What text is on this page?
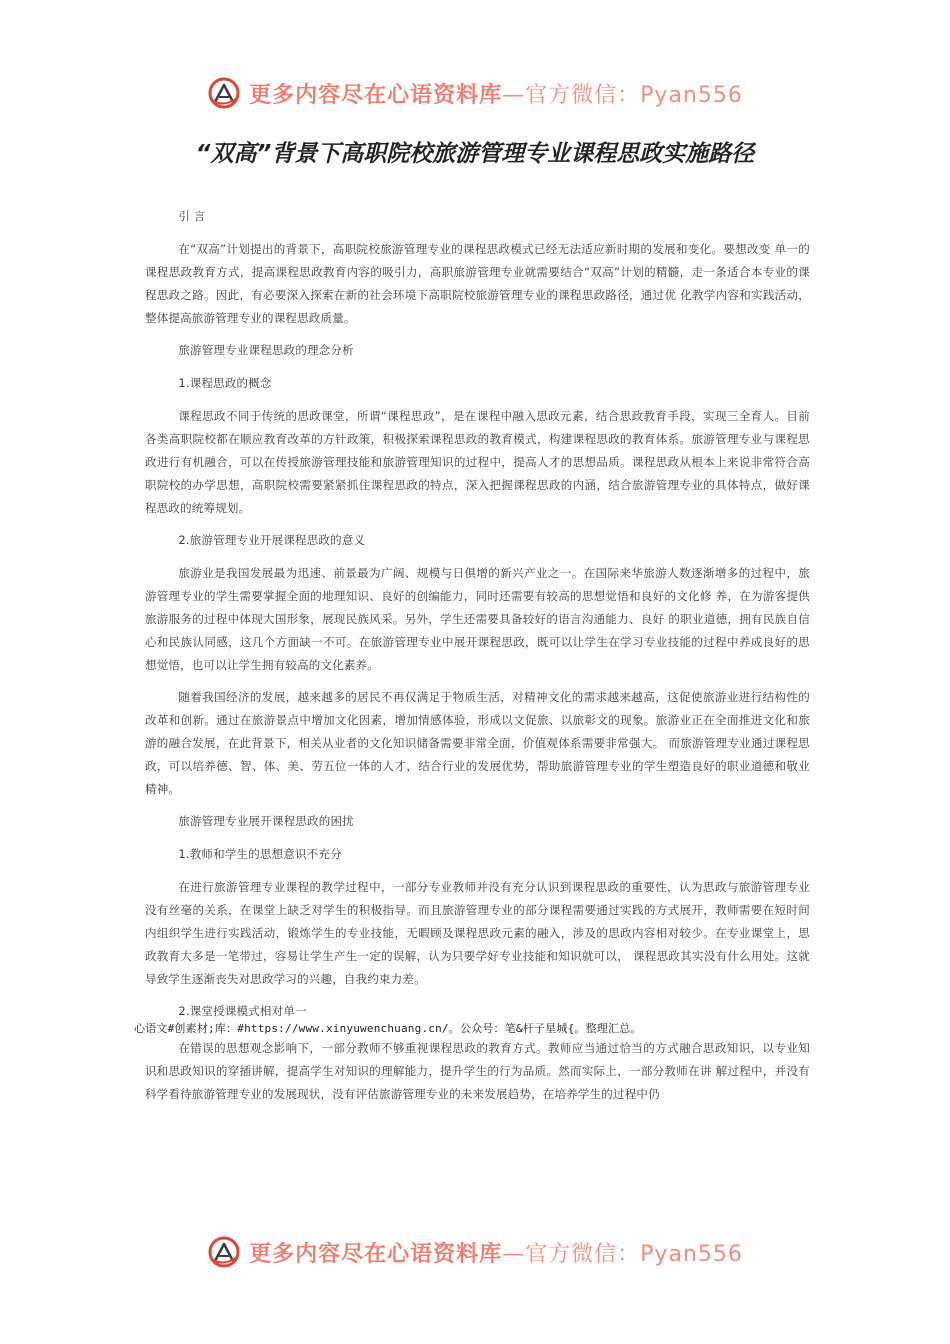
更多内容尽在心语资料库—官方微信：Pyan556
“双高”背景下高职院校旅游管理专业课程思政实施路径

引 言

在“双高”计划提出的背景下，高职院校旅游管理专业的课程思政模式已经无法适应新时期的发展和变化。要想改变 单一的课程思政教育方式，提高课程思政教育内容的吸引力，高职旅游管理专业就需要结合“双高”计划的精髓，走一条适合本专业的课程思政之路。因此，有必要深入探索在新的社会环境下高职院校旅游管理专业的课程思政路径，通过优 化教学内容和实践活动，整体提高旅游管理专业的课程思政质量。

旅游管理专业课程思政的理念分析

1.课程思政的概念

课程思政不同于传统的思政课堂，所谓“课程思政”，是在课程中融入思政元素，结合思政教育手段，实现三全育人。目前各类高职院校都在顺应教育改革的方针政策，积极探索课程思政的教育模式，构建课程思政的教育体系。旅游管理专业与课程思政进行有机融合，可以在传授旅游管理技能和旅游管理知识的过程中，提高人才的思想品质。课程思政从根本上来说非常符合高职院校的办学思想，高职院校需要紧紧抓住课程思政的特点，深入把握课程思政的内涵，结合旅游管理专业的具体特点，做好课程思政的统筹规划。

2.旅游管理专业开展课程思政的意义

旅游业是我国发展最为迅速、前景最为广阔、规模与日俱增的新兴产业之一。在国际来华旅游人数逐渐增多的过程中，旅游管理专业的学生需要掌握全面的地理知识、良好的创编能力，同时还需要有较高的思想觉悟和良好的文化修 养，在为游客提供旅游服务的过程中体现大国形象，展现民族风采。另外，学生还需要具备较好的语言沟通能力、良好 的职业道德，拥有民族自信心和民族认同感，这几个方面缺一不可。在旅游管理专业中展开课程思政，既可以让学生在学习专业技能的过程中养成良好的思想觉悟，也可以让学生拥有较高的文化素养。

随着我国经济的发展，越来越多的居民不再仅满足于物质生活，对精神文化的需求越来越高，这促使旅游业进行结构性的改革和创新。通过在旅游景点中增加文化因素，增加情感体验，形成以文促旅、以旅彰文的现象。旅游业正在全面推进文化和旅游的融合发展，在此背景下，相关从业者的文化知识储备需要非常全面，价值观体系需要非常强大。 而旅游管理专业通过课程思政，可以培养德、智、体、美、劳五位一体的人才，结合行业的发展优势，帮助旅游管理专业的学生塑造良好的职业道德和敬业精神。

旅游管理专业展开课程思政的困扰

1.教师和学生的思想意识不充分

在进行旅游管理专业课程的教学过程中，一部分专业教师并没有充分认识到课程思政的重要性，认为思政与旅游管理专业没有丝毫的关系，在课堂上缺乏对学生的积极指导。而且旅游管理专业的部分课程需要通过实践的方式展开，教师需要在短时间内组织学生进行实践活动，锻炼学生的专业技能，无暇顾及课程思政元素的融入，涉及的思政内容相对较少。在专业课堂上，思政教育大多是一笔带过，容易让学生产生一定的误解，认为只要学好专业技能和知识就可以， 课程思政其实没有什么用处。这就导致学生逐渐丧失对思政学习的兴趣，自我约束力差。

2.课堂授课模式相对单一

心语文#创素材;库：#https://www.xinyuwenchuang.cn/。公众号：笔&杆子星城{。整理汇总。

在错误的思想观念影响下，一部分教师不够重视课程思政的教育方式。教师应当通过恰当的方式融合思政知识，以专业知识和思政知识的穿插讲解，提高学生对知识的理解能力，提升学生的行为品质。然而实际上，一部分教师在讲 解过程中，并没有科学看待旅游管理专业的发展现状，没有评估旅游管理专业的未来发展趋势，在培养学生的过程中仍

更多内容尽在心语资料库—官方微信：Pyan556
